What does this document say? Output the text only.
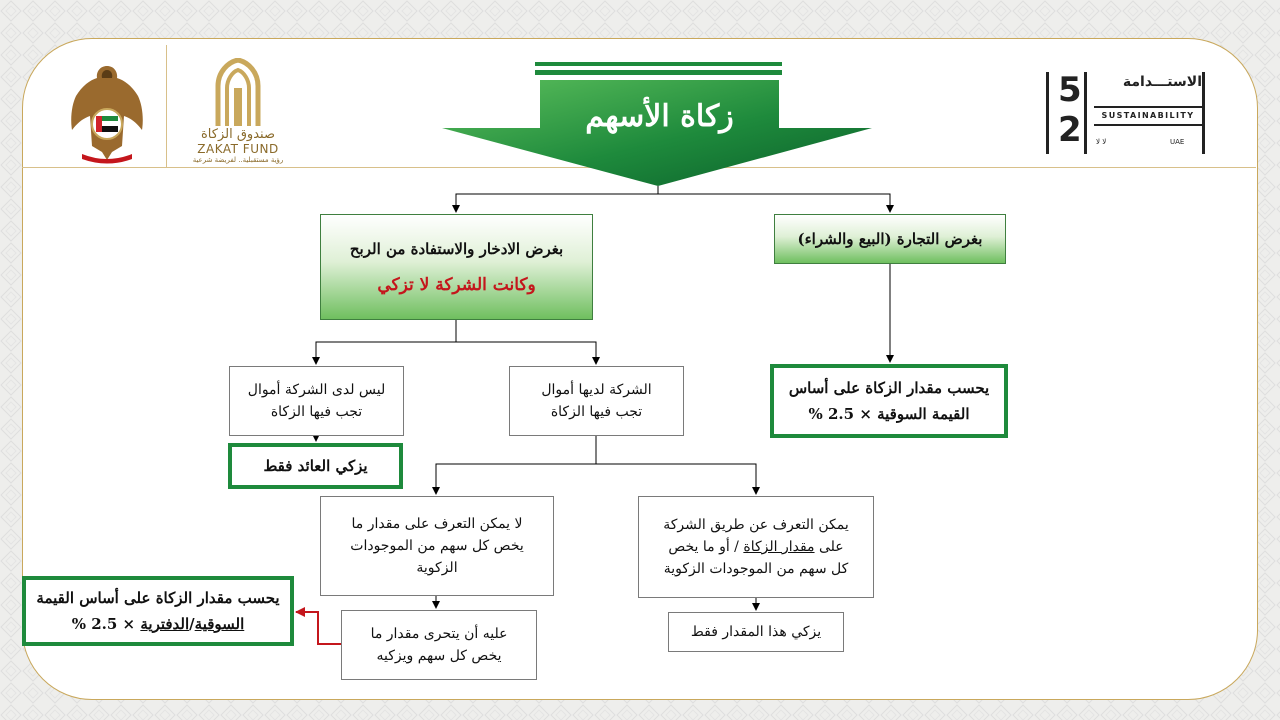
صندوق الزكاة
ZAKAT FUND
رؤية مستقبلية.. لفريضة شرعية
5
2
الاستـــدامة
SUSTAINABILITY
ﻻ ﻻ	UAE
زكاة الأسهم
بغرض التجارة (البيع والشراء)
بغرض الادخار والاستفادة من الربح
وكانت الشركة لا تزكي
يحسب مقدار الزكاة على أساس
القيمة السوقية × 2.5 %
الشركة لديها أموال
تجب فيها الزكاة
ليس لدى الشركة أموال
تجب فيها الزكاة
يزكي العائد فقط
لا يمكن التعرف على مقدار ما
يخص كل سهم من الموجودات
الزكوية
يمكن التعرف عن طريق الشركة
على مقدار الزكاة / أو ما يخص
كل سهم من الموجودات الزكوية
يزكي هذا المقدار فقط
عليه أن يتحرى مقدار ما
يخص كل سهم ويزكيه
يحسب مقدار الزكاة على أساس القيمة
السوقية/الدفترية × 2.5 %
